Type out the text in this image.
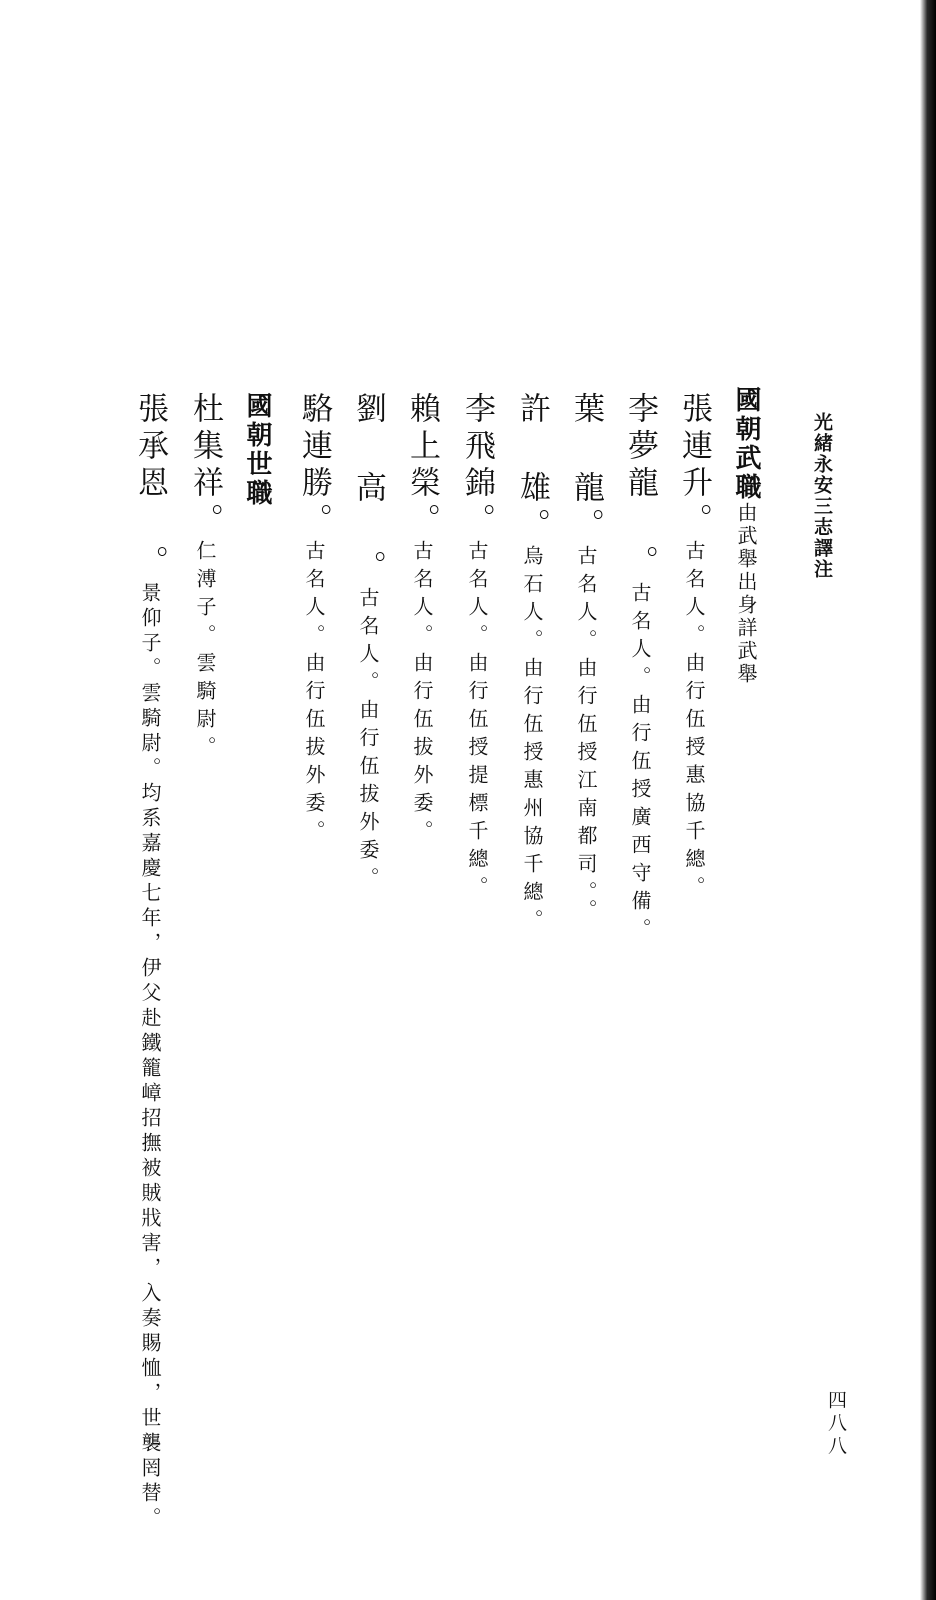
光緒永安三志譯注
國朝武職由武舉出身詳武舉
張連升。古名人。由行伍授惠協千總。
李夢龍 。古名人。由行伍授廣西守備。
葉 龍。古名人。由行伍授江南都司。。
許 雄。烏石人。由行伍授惠州協千總。
李飛錦。古名人。由行伍授提標千總。
賴上榮。古名人。由行伍拔外委。
劉 高 。古名人。由行伍拔外委。
駱連勝。古名人。由行伍拔外委。
國朝世職
杜集祥。仁溥子。雲騎尉。
張承恩 。景仰子。雲騎尉。均系嘉慶七年，伊父赴鐵籠嶂招撫被賊戕害，入奏賜恤，世襲罔替。	四八八
